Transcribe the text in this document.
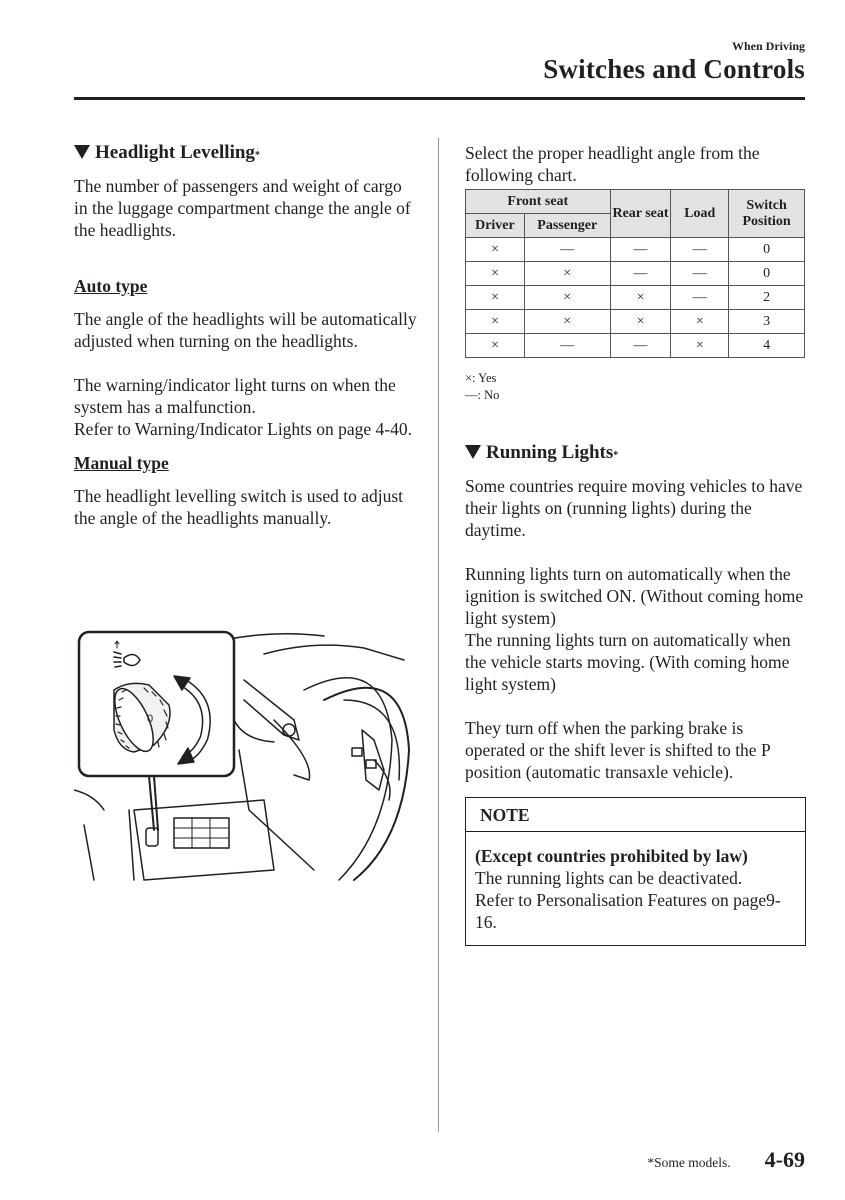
When Driving
Switches and Controls
Headlight Levelling *

The number of passengers and weight of cargo in the luggage compartment change the angle of the headlights.

Auto type

The angle of the headlights will be automatically adjusted when turning on the headlights.

The warning/indicator light turns on when the system has a malfunction.

Refer to Warning/Indicator Lights on page 4-40.

Manual type

The headlight levelling switch is used to adjust the angle of the headlights manually.

0

Select the proper headlight angle from the following chart.

Front seat		Rear seat	Load	Switch Position
Driver	Passenger			
×	—	—	—	0
×	×	—	—	0
×	×	×	—	2
×	×	×	×	3
×	—	—	×	4
×: Yes
—: No
Running Lights *

Some countries require moving vehicles to have their lights on (running lights) during the daytime.

Running lights turn on automatically when the ignition is switched ON. (Without coming home light system)

The running lights turn on automatically when the vehicle starts moving. (With coming home light system)

They turn off when the parking brake is operated or the shift lever is shifted to the P position (automatic transaxle vehicle).

NOTE

(Except countries prohibited by law)

The running lights can be deactivated.

Refer to Personalisation Features on page9-16.

*Some models. 4-69
